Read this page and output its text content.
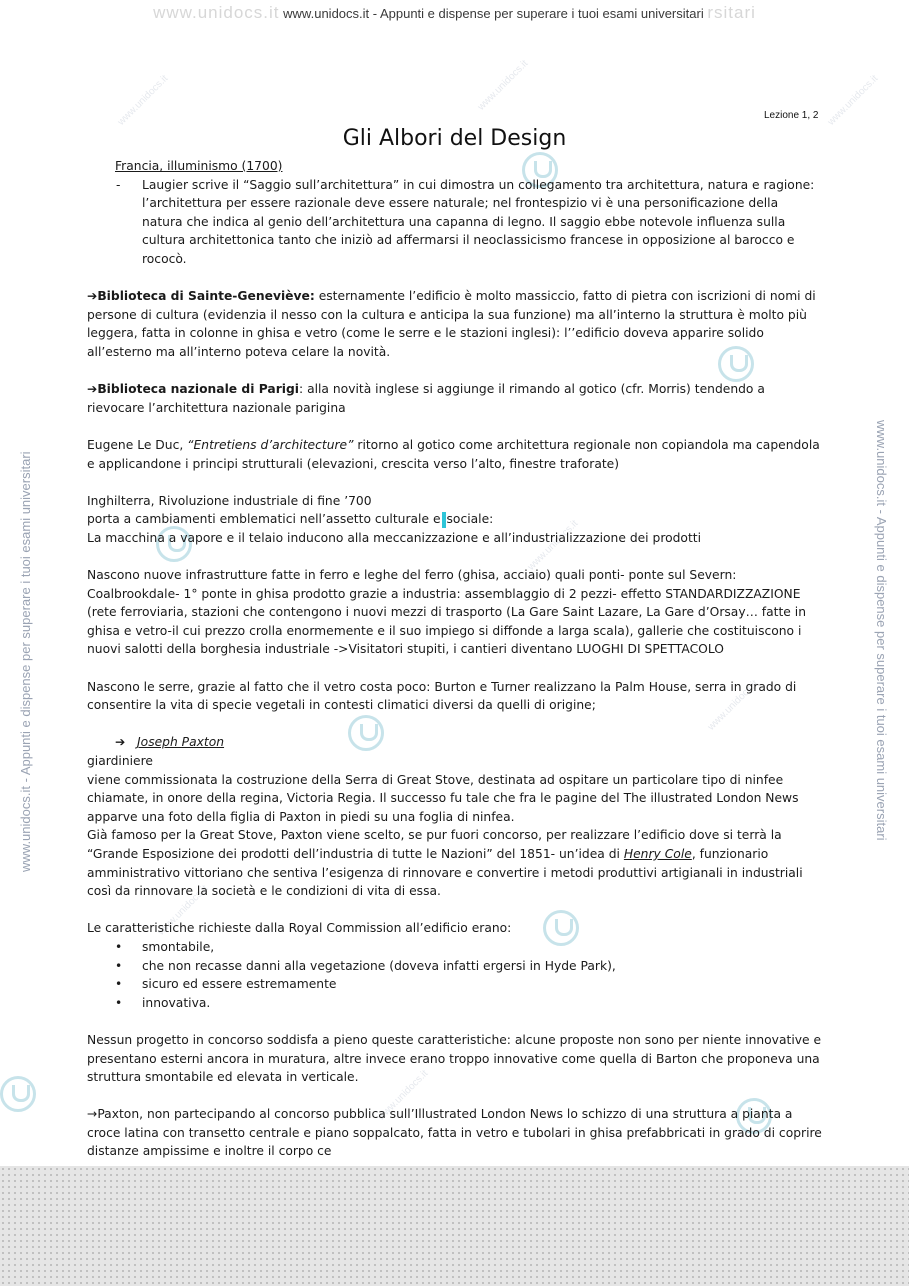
www.unidocs.it www.unidocs.it - Appunti e dispense per superare i tuoi esami universitari rsitari
www.unidocs.it - Appunti e dispense per superare i tuoi esami universitari	www.unidocs.it - Appunti e dispense per superare i tuoi esami universitari
www.unidocs.it	www.unidocs.it	www.unidocs.it
www.unidocs.it
www.unidocs.it
www.unidocs.it
www.unidocs.it
Lezione 1, 2
Gli Albori del Design

Francia, illuminismo (1700)

- Laugier scrive il “Saggio sull’architettura” in cui dimostra un collegamento tra architettura, natura e ragione: l’architettura per essere razionale deve essere naturale; nel frontespizio vi è una personificazione della natura che indica al genio dell’architettura una capanna di legno. Il saggio ebbe notevole influenza sulla cultura architettonica tanto che iniziò ad affermarsi il neoclassicismo francese in opposizione al barocco e rococò.

➔Biblioteca di Sainte-Geneviève: esternamente l’edificio è molto massiccio, fatto di pietra con iscrizioni di nomi di persone di cultura (evidenzia il nesso con la cultura e anticipa la sua funzione) ma all’interno la struttura è molto più leggera, fatta in colonne in ghisa e vetro (come le serre e le stazioni inglesi): l’’edificio doveva apparire solido all’esterno ma all’interno poteva celare la novità.

➔Biblioteca nazionale di Parigi: alla novità inglese si aggiunge il rimando al gotico (cfr. Morris) tendendo a rievocare l’architettura nazionale parigina

Eugene Le Duc, “Entretiens d’architecture” ritorno al gotico come architettura regionale non copiandola ma capendola e applicandone i principi strutturali (elevazioni, crescita verso l’alto, finestre traforate)

Inghilterra, Rivoluzione industriale di fine ’700

porta a cambiamenti emblematici nell’assetto culturale e sociale:

La macchina a vapore e il telaio inducono alla meccanizzazione e all’industrializzazione dei prodotti

Nascono nuove infrastrutture fatte in ferro e leghe del ferro (ghisa, acciaio) quali ponti- ponte sul Severn: Coalbrookdale- 1° ponte in ghisa prodotto grazie a industria: assemblaggio di 2 pezzi- effetto STANDARDIZZAZIONE (rete ferroviaria, stazioni che contengono i nuovi mezzi di trasporto (La Gare Saint Lazare, La Gare d’Orsay… fatte in ghisa e vetro-il cui prezzo crolla enormemente e il suo impiego si diffonde a larga scala), gallerie che costituiscono i nuovi salotti della borghesia industriale ->Visitatori stupiti, i cantieri diventano LUOGHI DI SPETTACOLO

Nascono le serre, grazie al fatto che il vetro costa poco: Burton e Turner realizzano la Palm House, serra in grado di consentire la vita di specie vegetali in contesti climatici diversi da quelli di origine;

➔ Joseph Paxton

giardiniere

viene commissionata la costruzione della Serra di Great Stove, destinata ad ospitare un particolare tipo di ninfee chiamate, in onore della regina, Victoria Regia. Il successo fu tale che fra le pagine del The illustrated London News apparve una foto della figlia di Paxton in piedi su una foglia di ninfea.

Già famoso per la Great Stove, Paxton viene scelto, se pur fuori concorso, per realizzare l’edificio dove si terrà la “Grande Esposizione dei prodotti dell’industria di tutte le Nazioni” del 1851- un’idea di Henry Cole, funzionario amministrativo vittoriano che sentiva l’esigenza di rinnovare e convertire i metodi produttivi artigianali in industriali così da rinnovare la società e le condizioni di vita di essa.

Le caratteristiche richieste dalla Royal Commission all’edificio erano:

• smontabile,
• che non recasse danni alla vegetazione (doveva infatti ergersi in Hyde Park),
• sicuro ed essere estremamente
• innovativa.

Nessun progetto in concorso soddisfa a pieno queste caratteristiche: alcune proposte non sono per niente innovative e presentano esterni ancora in muratura, altre invece erano troppo innovative come quella di Barton che proponeva una struttura smontabile ed elevata in verticale.

→Paxton, non partecipando al concorso pubblica sull’Illustrated London News lo schizzo di una struttura a pianta a croce latina con transetto centrale e piano soppalcato, fatta in vetro e tubolari in ghisa prefabbricati in grado di coprire distanze ampissime e inoltre il corpo ce
